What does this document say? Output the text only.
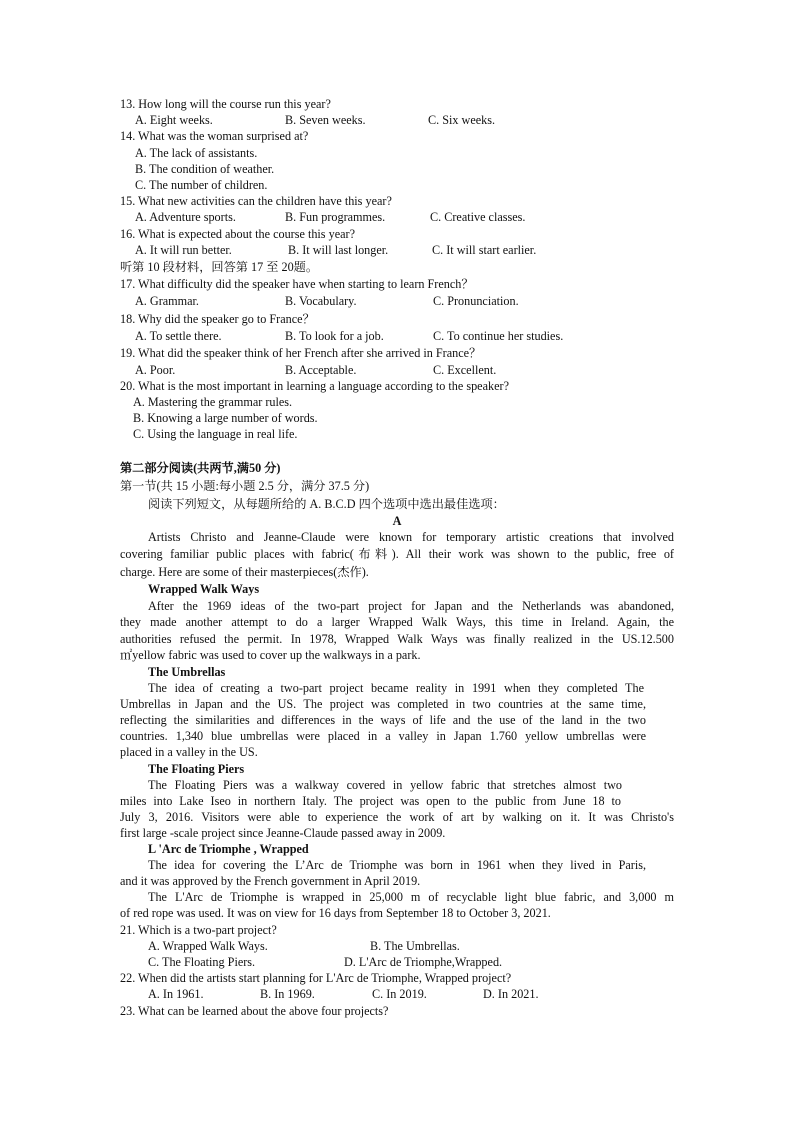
13. How long will the course run this year?
A. Eight weeks.	B. Seven weeks.	C. Six weeks.
14. What was the woman surprised at?
A. The lack of assistants.
B. The condition of weather.
C. The number of children.
15. What new activities can the children have this year?
A. Adventure sports.	B. Fun programmes.	C. Creative classes.
16. What is expected about the course this year?
A. It will run better.	B. It will last longer.	C. It will start earlier.
听第 10 段材料，回答第 17 至 20题。
17. What difficulty did the speaker have when starting to learn French？
A. Grammar.	B. Vocabulary.	C. Pronunciation.
18. Why did the speaker go to France？
A. To settle there.	B. To look for a job.	C. To continue her studies.
19. What did the speaker think of her French after she arrived in France？
A. Poor.	B. Acceptable.	C. Excellent.
20. What is the most important in learning a language according to the speaker?
A. Mastering the grammar rules.
B. Knowing a large number of words.
C. Using the language in real life.
第二部分阅读(共两节,满50 分)
第一节(共 15 小题:每小题 2.5 分，满分 37.5 分)
阅读下列短文，从每题所给的 A. B.C.D 四个选项中选出最佳选项：
A
Artists Christo and Jeanne-Claude were known for temporary artistic creations that involved
covering familiar public places with fabric(布料). All their work was shown to the public, free of
charge. Here are some of their masterpieces(杰作).
Wrapped Walk Ways
After the 1969 ideas of the two-part project for Japan and the Netherlands was abandoned,
they made another attempt to do a larger Wrapped Walk Ways, this time in Ireland. Again, the
authorities refused the permit. In 1978, Wrapped Walk Ways was finally realized in the US.12.500
㎡yellow fabric was used to cover up the walkways in a park.
The Umbrellas
The idea of creating a two-part project became reality in 1991 when they completed The
Umbrellas in Japan and the US. The project was completed in two countries at the same time,
reflecting the similarities and differences in the ways of life and the use of the land in the two
countries. 1,340 blue umbrellas were placed in a valley in Japan 1.760 yellow umbrellas were
placed in a valley in the US.
The Floating Piers
The Floating Piers was a walkway covered in yellow fabric that stretches almost two
miles into Lake Iseo in northern Italy. The project was open to the public from June 18 to
July 3, 2016. Visitors were able to experience the work of art by walking on it. It was Christo's
first large -scale project since Jeanne-Claude passed away in 2009.
L 'Arc de Triomphe , Wrapped
The idea for covering the L’Arc de Triomphe was born in 1961 when they lived in Paris,
and it was approved by the French government in April 2019.
The L'Arc de Triomphe is wrapped in 25,000 m of recyclable light blue fabric, and 3,000 m
of red rope was used. It was on view for 16 days from September 18 to October 3, 2021.
21. Which is a two-part project?
A. Wrapped Walk Ways.	B. The Umbrellas.
C. The Floating Piers.	D. L'Arc de Triomphe,Wrapped.
22. When did the artists start planning for L'Arc de Triomphe, Wrapped project?
A. In 1961.	B. In 1969.	C. In 2019.	D. In 2021.
23. What can be learned about the above four projects?
